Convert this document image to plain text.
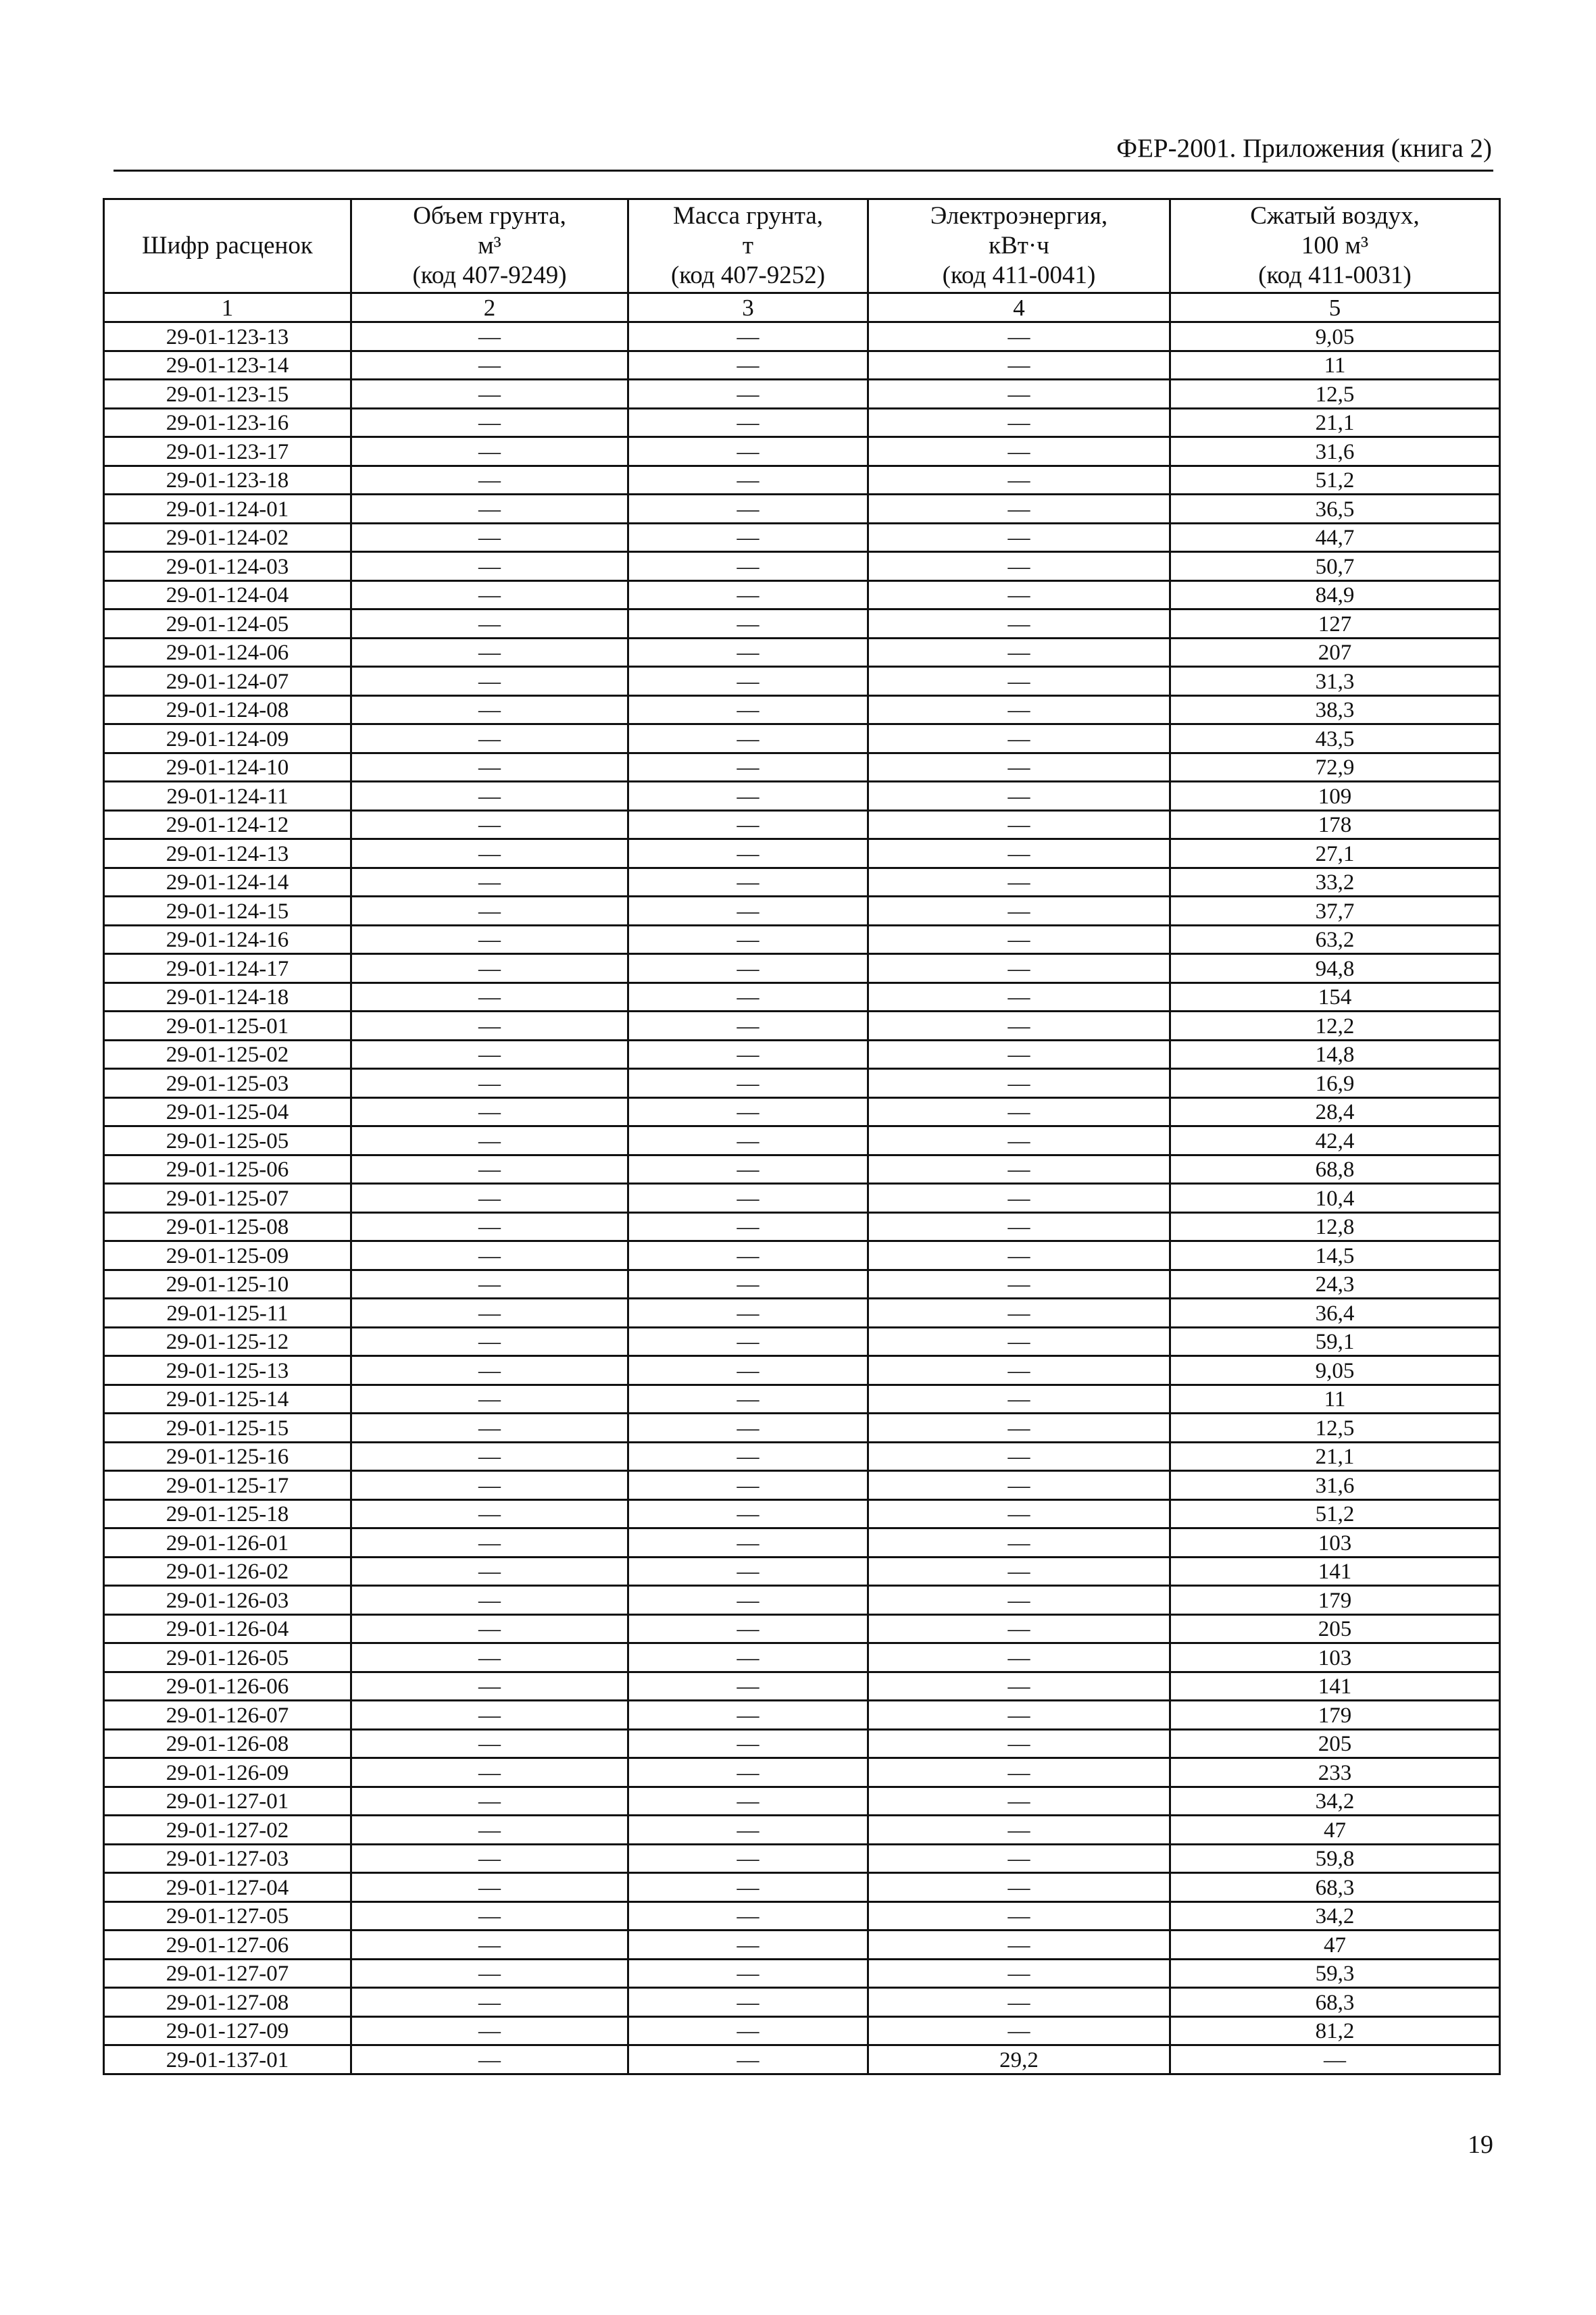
ФЕР-2001. Приложения (книга 2)
Шифр расценок	Объем грунта,
м³
(код 407-9249)	Масса грунта,
т
(код 407-9252)	Электроэнергия,
кВт·ч
(код 411-0041)	Сжатый воздух,
100 м³
(код 411-0031)

1	2	3	4	5
29-01-123-13	—	—	—	9,05
29-01-123-14	—	—	—	11
29-01-123-15	—	—	—	12,5
29-01-123-16	—	—	—	21,1
29-01-123-17	—	—	—	31,6
29-01-123-18	—	—	—	51,2
29-01-124-01	—	—	—	36,5
29-01-124-02	—	—	—	44,7
29-01-124-03	—	—	—	50,7
29-01-124-04	—	—	—	84,9
29-01-124-05	—	—	—	127
29-01-124-06	—	—	—	207
29-01-124-07	—	—	—	31,3
29-01-124-08	—	—	—	38,3
29-01-124-09	—	—	—	43,5
29-01-124-10	—	—	—	72,9
29-01-124-11	—	—	—	109
29-01-124-12	—	—	—	178
29-01-124-13	—	—	—	27,1
29-01-124-14	—	—	—	33,2
29-01-124-15	—	—	—	37,7
29-01-124-16	—	—	—	63,2
29-01-124-17	—	—	—	94,8
29-01-124-18	—	—	—	154
29-01-125-01	—	—	—	12,2
29-01-125-02	—	—	—	14,8
29-01-125-03	—	—	—	16,9
29-01-125-04	—	—	—	28,4
29-01-125-05	—	—	—	42,4
29-01-125-06	—	—	—	68,8
29-01-125-07	—	—	—	10,4
29-01-125-08	—	—	—	12,8
29-01-125-09	—	—	—	14,5
29-01-125-10	—	—	—	24,3
29-01-125-11	—	—	—	36,4
29-01-125-12	—	—	—	59,1
29-01-125-13	—	—	—	9,05
29-01-125-14	—	—	—	11
29-01-125-15	—	—	—	12,5
29-01-125-16	—	—	—	21,1
29-01-125-17	—	—	—	31,6
29-01-125-18	—	—	—	51,2
29-01-126-01	—	—	—	103
29-01-126-02	—	—	—	141
29-01-126-03	—	—	—	179
29-01-126-04	—	—	—	205
29-01-126-05	—	—	—	103
29-01-126-06	—	—	—	141
29-01-126-07	—	—	—	179
29-01-126-08	—	—	—	205
29-01-126-09	—	—	—	233
29-01-127-01	—	—	—	34,2
29-01-127-02	—	—	—	47
29-01-127-03	—	—	—	59,8
29-01-127-04	—	—	—	68,3
29-01-127-05	—	—	—	34,2
29-01-127-06	—	—	—	47
29-01-127-07	—	—	—	59,3
29-01-127-08	—	—	—	68,3
29-01-127-09	—	—	—	81,2
29-01-137-01	—	—	29,2	—
19
